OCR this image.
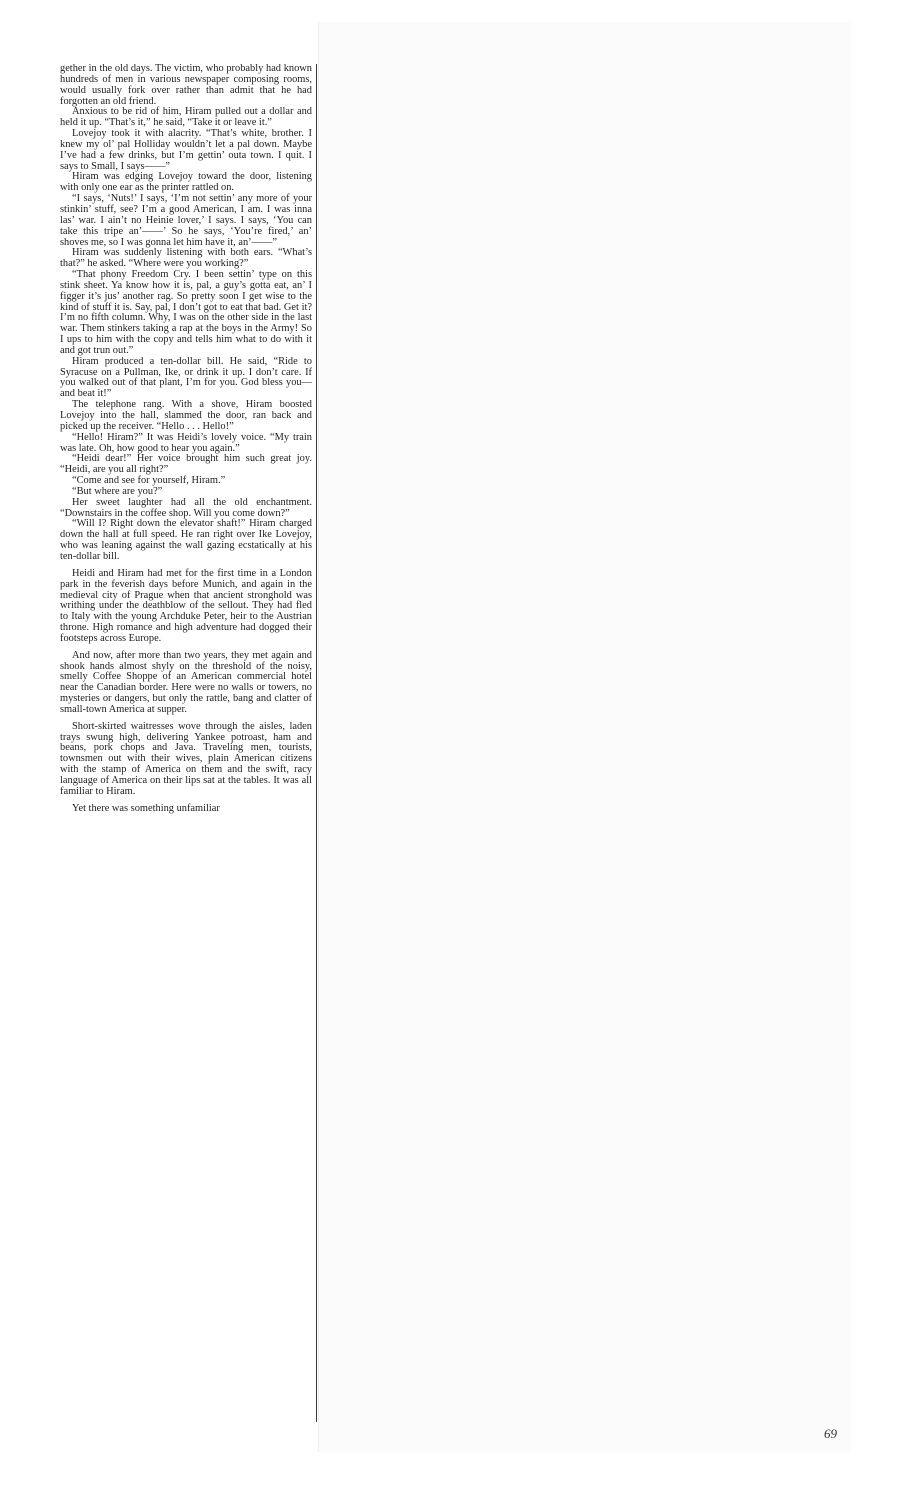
gether in the old days. The victim, who probably had known hundreds of men in various newspaper composing rooms, would usually fork over rather than admit that he had forgotten an old friend.

Anxious to be rid of him, Hiram pulled out a dollar and held it up. “That’s it,” he said, “Take it or leave it.”

Lovejoy took it with alacrity. “That’s white, brother. I knew my ol’ pal Holliday wouldn’t let a pal down. Maybe I’ve had a few drinks, but I’m gettin’ outa town. I quit. I says to Small, I says——”

Hiram was edging Lovejoy toward the door, listening with only one ear as the printer rattled on.

“I says, ‘Nuts!’ I says, ‘I’m not settin’ any more of your stinkin’ stuff, see? I’m a good American, I am. I was inna las’ war. I ain’t no Heinie lover,’ I says. I says, ‘You can take this tripe an’——’ So he says, ‘You’re fired,’ an’ shoves me, so I was gonna let him have it, an’——”

Hiram was suddenly listening with both ears. “What’s that?” he asked. “Where were you working?”

“That phony Freedom Cry. I been settin’ type on this stink sheet. Ya know how it is, pal, a guy’s gotta eat, an’ I figger it’s jus’ another rag. So pretty soon I get wise to the kind of stuff it is. Say, pal, I don’t got to eat that bad. Get it? I’m no fifth column. Why, I was on the other side in the last war. Them stinkers taking a rap at the boys in the Army! So I ups to him with the copy and tells him what to do with it and got trun out.”

Hiram produced a ten-dollar bill. He said, “Ride to Syracuse on a Pullman, Ike, or drink it up. I don’t care. If you walked out of that plant, I’m for you. God bless you—and beat it!”

The telephone rang. With a shove, Hiram boosted Lovejoy into the hall, slammed the door, ran back and picked up the receiver. “Hello . . . Hello!”

“Hello! Hiram?” It was Heidi’s lovely voice. “My train was late. Oh, how good to hear you again.”

“Heidi dear!” Her voice brought him such great joy. “Heidi, are you all right?”

“Come and see for yourself, Hiram.”

“But where are you?”

Her sweet laughter had all the old enchantment. “Downstairs in the coffee shop. Will you come down?”

“Will I? Right down the elevator shaft!” Hiram charged down the hall at full speed. He ran right over Ike Lovejoy, who was leaning against the wall gazing ecstatically at his ten-dollar bill.

Heidi and Hiram had met for the first time in a London park in the feverish days before Munich, and again in the medieval city of Prague when that ancient stronghold was writhing under the deathblow of the sellout. They had fled to Italy with the young Archduke Peter, heir to the Austrian throne. High romance and high adventure had dogged their footsteps across Europe.

And now, after more than two years, they met again and shook hands almost shyly on the threshold of the noisy, smelly Coffee Shoppe of an American commercial hotel near the Canadian border. Here were no walls or towers, no mysteries or dangers, but only the rattle, bang and clatter of small-town America at supper.

Short-skirted waitresses wove through the aisles, laden trays swung high, delivering Yankee potroast, ham and beans, pork chops and Java. Traveling men, tourists, townsmen out with their wives, plain American citizens with the stamp of America on them and the swift, racy language of America on their lips sat at the tables. It was all familiar to Hiram.

Yet there was something unfamiliar

69
